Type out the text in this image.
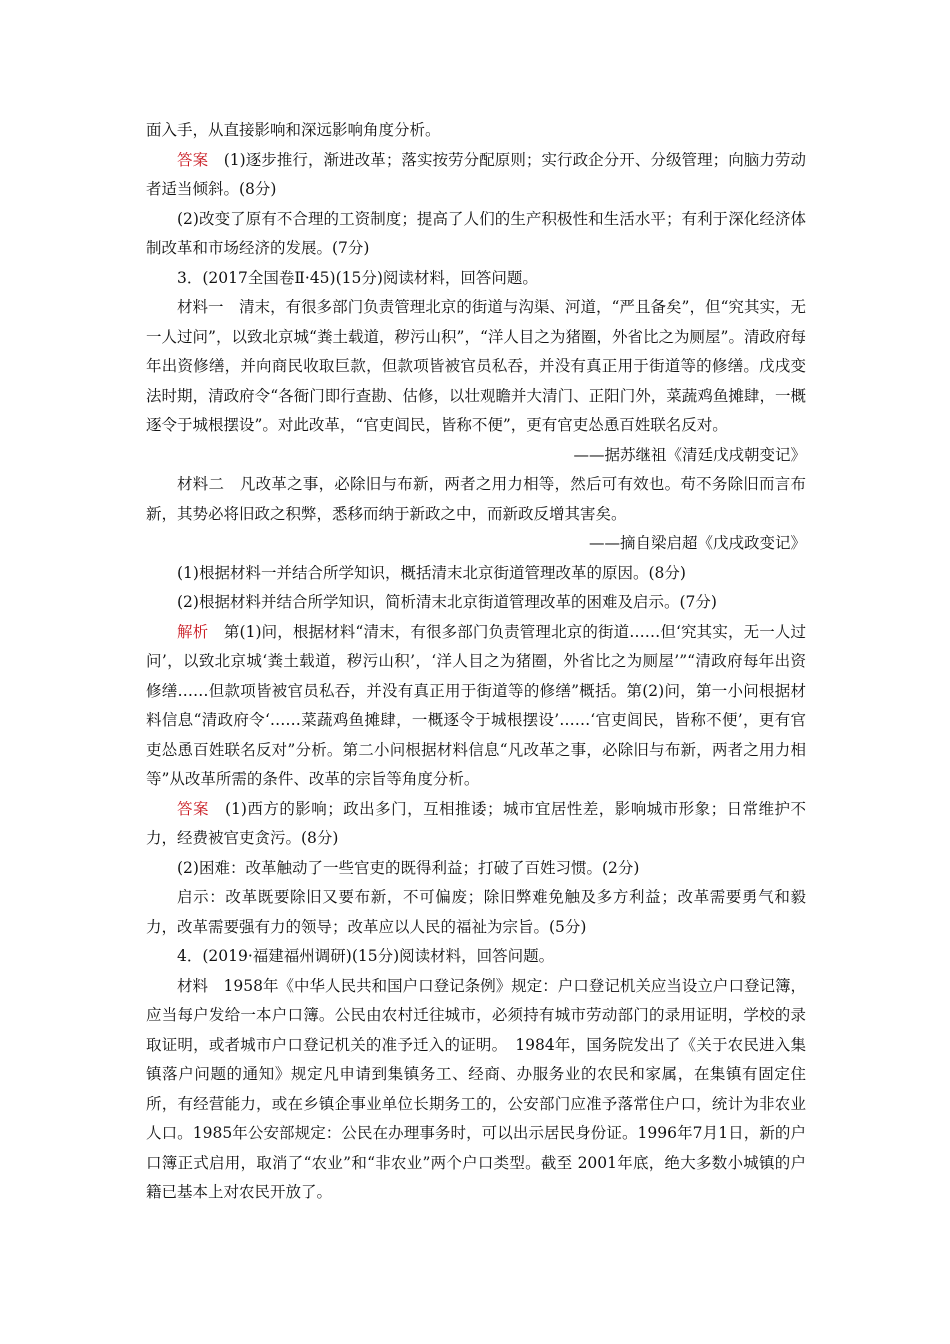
面入手，从直接影响和深远影响角度分析。

答案　 (1)逐步推行，渐进改革；落实按劳分配原则；实行政企分开、分级管理；向脑力劳动者适当倾斜。(8分)

(2)改变了原有不合理的工资制度；提高了人们的生产积极性和生活水平；有利于深化经济体制改革和市场经济的发展。(7分)

3．(2017全国卷Ⅱ·45)(15分)阅读材料，回答问题。

材料一　清末，有很多部门负责管理北京的街道与沟渠、河道，“严且备矣”，但“究其实，无一人过问”，以致北京城“粪土载道，秽污山积”，“洋人目之为猪圈，外省比之为厕屋”。清政府每年出资修缮，并向商民收取巨款，但款项皆被官员私吞，并没有真正用于街道等的修缮。戊戌变法时期，清政府令“各衙门即行查勘、估修，以壮观瞻并大清门、正阳门外，菜蔬鸡鱼摊肆，一概逐令于城根摆设”。对此改革，“官吏闾民，皆称不便”，更有官吏怂恿百姓联名反对。

——据苏继祖《清廷戊戌朝变记》

材料二　凡改革之事，必除旧与布新，两者之用力相等，然后可有效也。苟不务除旧而言布新，其势必将旧政之积弊，悉移而纳于新政之中，而新政反增其害矣。

——摘自梁启超《戊戌政变记》

(1)根据材料一并结合所学知识，概括清末北京街道管理改革的原因。(8分)

(2)根据材料并结合所学知识，简析清末北京街道管理改革的困难及启示。(7分)

解析　 第(1)问，根据材料“清末，有很多部门负责管理北京的街道……但‘究其实，无一人过问’，以致北京城‘粪土载道，秽污山积’，‘洋人目之为猪圈，外省比之为厕屋’”“清政府每年出资修缮……但款项皆被官员私吞，并没有真正用于街道等的修缮”概括。第(2)问，第一小问根据材料信息“清政府令‘……菜蔬鸡鱼摊肆，一概逐令于城根摆设’……‘官吏闾民，皆称不便’，更有官吏怂恿百姓联名反对”分析。第二小问根据材料信息“凡改革之事，必除旧与布新，两者之用力相等”从改革所需的条件、改革的宗旨等角度分析。

答案　 (1)西方的影响；政出多门，互相推诿；城市宜居性差，影响城市形象；日常维护不力，经费被官吏贪污。(8分)

(2)困难：改革触动了一些官吏的既得利益；打破了百姓习惯。(2分)

启示：改革既要除旧又要布新，不可偏废；除旧弊难免触及多方利益；改革需要勇气和毅力，改革需要强有力的领导；改革应以人民的福祉为宗旨。(5分)

4．(2019·福建福州调研)(15分)阅读材料，回答问题。

材料　1958年《中华人民共和国户口登记条例》规定：户口登记机关应当设立户口登记簿，应当每户发给一本户口簿。公民由农村迁往城市，必须持有城市劳动部门的录用证明，学校的录取证明，或者城市户口登记机关的准予迁入的证明。　1984年，国务院发出了《关于农民进入集镇落户问题的通知》规定凡申请到集镇务工、经商、办服务业的农民和家属，在集镇有固定住所，有经营能力，或在乡镇企事业单位长期务工的，公安部门应准予落常住户口，统计为非农业人口。1985年公安部规定：公民在办理事务时，可以出示居民身份证。1996年7月1日，新的户口簿正式启用，取消了“农业”和“非农业”两个户口类型。截至 2001年底，绝大多数小城镇的户籍已基本上对农民开放了。
